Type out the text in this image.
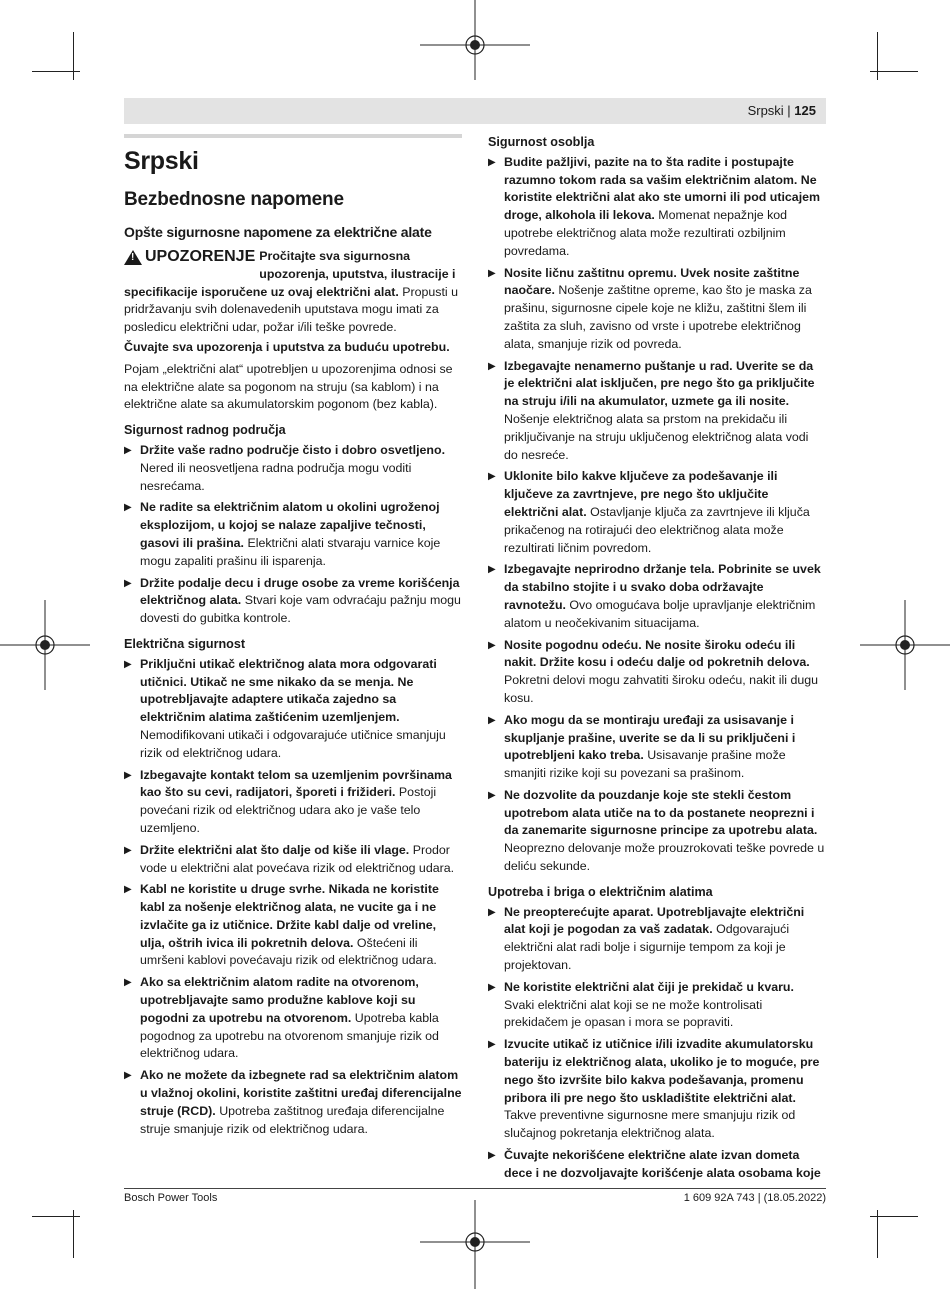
Srpski | 125
Srpski
Bezbednosne napomene
Opšte sigurnosne napomene za električne alate
!
UPOZORENJE Pročitajte sva sigurnosna upozorenja, uputstva, ilustracije i specifikacije isporučene uz ovaj električni alat. Propusti u pridržavanju svih dolenavedenih uputstava mogu imati za posledicu električni udar, požar i/ili teške povrede.

Čuvajte sva upozorenja i uputstva za buduću upotrebu.

Pojam „električni alat“ upotrebljen u upozorenjima odnosi se na električne alate sa pogonom na struju (sa kablom) i na električne alate sa akumulatorskim pogonom (bez kabla).

Sigurnost radnog područja
▶ Držite vaše radno područje čisto i dobro osvetljeno. Nered ili neosvetljena radna područja mogu voditi nesrećama.
▶ Ne radite sa električnim alatom u okolini ugroženoj eksplozijom, u kojoj se nalaze zapaljive tečnosti, gasovi ili prašina. Električni alati stvaraju varnice koje mogu zapaliti prašinu ili isparenja.
▶ Držite podalje decu i druge osobe za vreme korišćenja električnog alata. Stvari koje vam odvraćaju pažnju mogu dovesti do gubitka kontrole.
Električna sigurnost
▶ Priključni utikač električnog alata mora odgovarati utičnici. Utikač ne sme nikako da se menja. Ne upotrebljavajte adaptere utikača zajedno sa električnim alatima zaštićenim uzemljenjem. Nemodifikovani utikači i odgovarajuće utičnice smanjuju rizik od električnog udara.
▶ Izbegavajte kontakt telom sa uzemljenim površinama kao što su cevi, radijatori, šporeti i frižideri. Postoji povećani rizik od električnog udara ako je vaše telo uzemljeno.
▶ Držite električni alat što dalje od kiše ili vlage. Prodor vode u električni alat povećava rizik od električnog udara.
▶ Kabl ne koristite u druge svrhe. Nikada ne koristite kabl za nošenje električnog alata, ne vucite ga i ne izvlačite ga iz utičnice. Držite kabl dalje od vreline, ulja, oštrih ivica ili pokretnih delova. Oštećeni ili umršeni kablovi povećavaju rizik od električnog udara.
▶ Ako sa električnim alatom radite na otvorenom, upotrebljavajte samo produžne kablove koji su pogodni za upotrebu na otvorenom. Upotreba kabla pogodnog za upotrebu na otvorenom smanjuje rizik od električnog udara.
▶ Ako ne možete da izbegnete rad sa električnim alatom u vlažnoj okolini, koristite zaštitni uređaj diferencijalne struje (RCD). Upotreba zaštitnog uređaja diferencijalne struje smanjuje rizik od električnog udara.
Sigurnost osoblja
▶ Budite pažljivi, pazite na to šta radite i postupajte razumno tokom rada sa vašim električnim alatom. Ne koristite električni alat ako ste umorni ili pod uticajem droge, alkohola ili lekova. Momenat nepažnje kod upotrebe električnog alata može rezultirati ozbiljnim povredama.
▶ Nosite ličnu zaštitnu opremu. Uvek nosite zaštitne naočare. Nošenje zaštitne opreme, kao što je maska za prašinu, sigurnosne cipele koje ne kližu, zaštitni šlem ili zaštita za sluh, zavisno od vrste i upotrebe električnog alata, smanjuje rizik od povreda.
▶ Izbegavajte nenamerno puštanje u rad. Uverite se da je električni alat isključen, pre nego što ga priključite na struju i/ili na akumulator, uzmete ga ili nosite. Nošenje električnog alata sa prstom na prekidaču ili priključivanje na struju uključenog električnog alata vodi do nesreće.
▶ Uklonite bilo kakve ključeve za podešavanje ili ključeve za zavrtnjeve, pre nego što uključite električni alat. Ostavljanje ključa za zavrtnjeve ili ključa prikačenog na rotirajući deo električnog alata može rezultirati ličnim povredom.
▶ Izbegavajte neprirodno držanje tela. Pobrinite se uvek da stabilno stojite i u svako doba održavajte ravnotežu. Ovo omogućava bolje upravljanje električnim alatom u neočekivanim situacijama.
▶ Nosite pogodnu odeću. Ne nosite široku odeću ili nakit. Držite kosu i odeću dalje od pokretnih delova. Pokretni delovi mogu zahvatiti široku odeću, nakit ili dugu kosu.
▶ Ako mogu da se montiraju uređaji za usisavanje i skupljanje prašine, uverite se da li su priključeni i upotrebljeni kako treba. Usisavanje prašine može smanjiti rizike koji su povezani sa prašinom.
▶ Ne dozvolite da pouzdanje koje ste stekli čestom upotrebom alata utiče na to da postanete neoprezni i da zanemarite sigurnosne principe za upotrebu alata. Neoprezno delovanje može prouzrokovati teške povrede u deliću sekunde.
Upotreba i briga o električnim alatima
▶ Ne preopterećujte aparat. Upotrebljavajte električni alat koji je pogodan za vaš zadatak. Odgovarajući električni alat radi bolje i sigurnije tempom za koji je projektovan.
▶ Ne koristite električni alat čiji je prekidač u kvaru. Svaki električni alat koji se ne može kontrolisati prekidačem je opasan i mora se popraviti.
▶ Izvucite utikač iz utičnice i/ili izvadite akumulatorsku bateriju iz električnog alata, ukoliko je to moguće, pre nego što izvršite bilo kakva podešavanja, promenu pribora ili pre nego što uskladištite električni alat. Takve preventivne sigurnosne mere smanjuju rizik od slučajnog pokretanja električnog alata.
▶ Čuvajte nekorišćene električne alate izvan dometa dece i ne dozvoljavajte korišćenje alata osobama koje
Bosch Power Tools	1 609 92A 743 | (18.05.2022)
